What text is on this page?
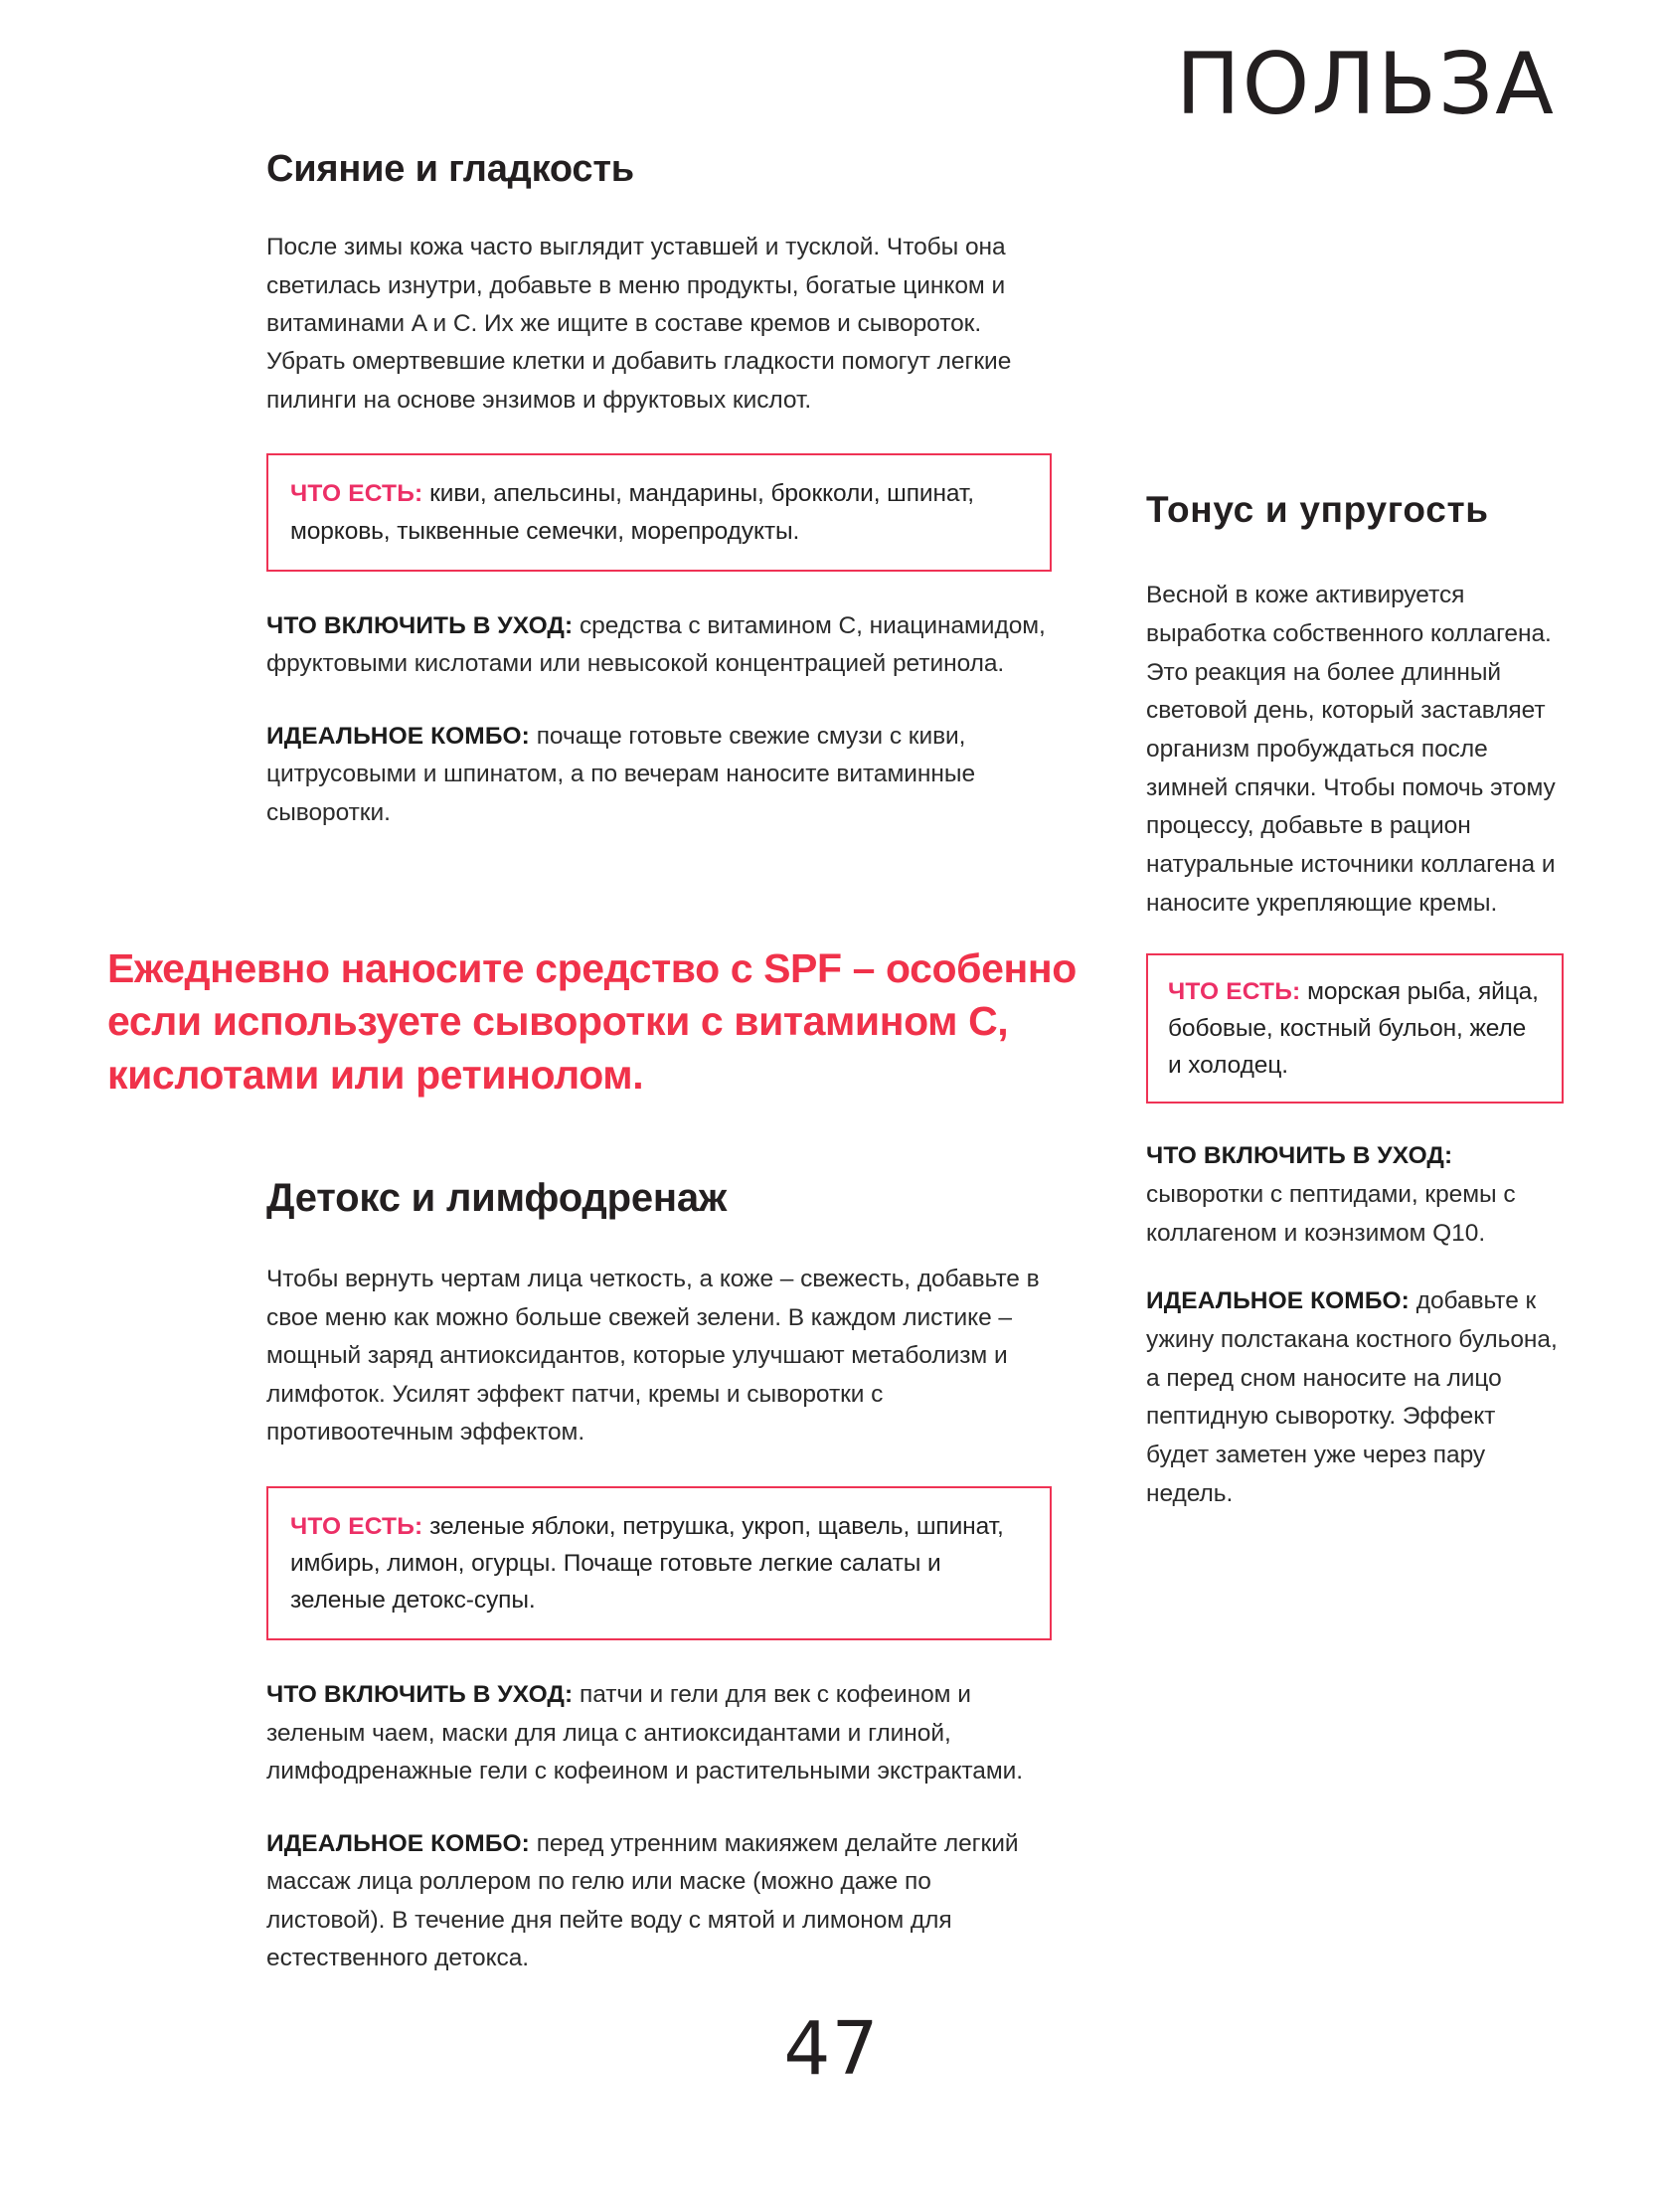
ПОЛЬЗА
Сияние и гладкость

После зимы кожа часто выглядит уставшей и тусклой. Чтобы она светилась изнутри, добавьте в меню продукты, богатые цинком и витаминами A и C. Их же ищите в составе кремов и сывороток. Убрать омертвевшие клетки и добавить гладкости помогут легкие пилинги на основе энзимов и фруктовых кислот.

ЧТО ЕСТЬ: киви, апельсины, мандарины, брокколи, шпинат, морковь, тыквенные семечки, морепродукты.

ЧТО ВКЛЮЧИТЬ В УХОД: средства с витамином C, ниацинамидом, фруктовыми кислотами или невысокой концентрацией ретинола.

ИДЕАЛЬНОЕ КОМБО: почаще готовьте свежие смузи с киви, цитрусовыми и шпинатом, а по вечерам наносите витаминные сыворотки.

Ежедневно наносите средство с SPF – особенно если используете сыворотки с витамином C, кислотами или ретинолом.

Детокс и лимфодренаж

Чтобы вернуть чертам лица четкость, а коже – свежесть, добавьте в свое меню как можно больше свежей зелени. В каждом листике – мощный заряд антиоксидантов, которые улучшают метаболизм и лимфоток. Усилят эффект патчи, кремы и сыворотки с противоотечным эффектом.

ЧТО ЕСТЬ: зеленые яблоки, петрушка, укроп, щавель, шпинат, имбирь, лимон, огурцы. Почаще готовьте легкие салаты и зеленые детокс-супы.

ЧТО ВКЛЮЧИТЬ В УХОД: патчи и гели для век с кофеином и зеленым чаем, маски для лица с антиоксидантами и глиной, лимфодренажные гели с кофеином и растительными экстрактами.

ИДЕАЛЬНОЕ КОМБО: перед утренним макияжем делайте легкий массаж лица роллером по гелю или маске (можно даже по листовой). В течение дня пейте воду с мятой и лимоном для естественного детокса.

Тонус и упругость

Весной в коже активируется выработка собственного коллагена. Это реакция на более длинный световой день, который заставляет организм пробуждаться после зимней спячки. Чтобы помочь этому процессу, добавьте в рацион натуральные источники коллагена и наносите укрепляющие кремы.

ЧТО ЕСТЬ: морская рыба, яйца, бобовые, костный бульон, желе и холодец.

ЧТО ВКЛЮЧИТЬ В УХОД: сыворотки с пептидами, кремы с коллагеном и коэнзимом Q10.

ИДЕАЛЬНОЕ КОМБО: добавьте к ужину полстакана костного бульона, а перед сном наносите на лицо пептидную сыворотку. Эффект будет заметен уже через пару недель.

47
